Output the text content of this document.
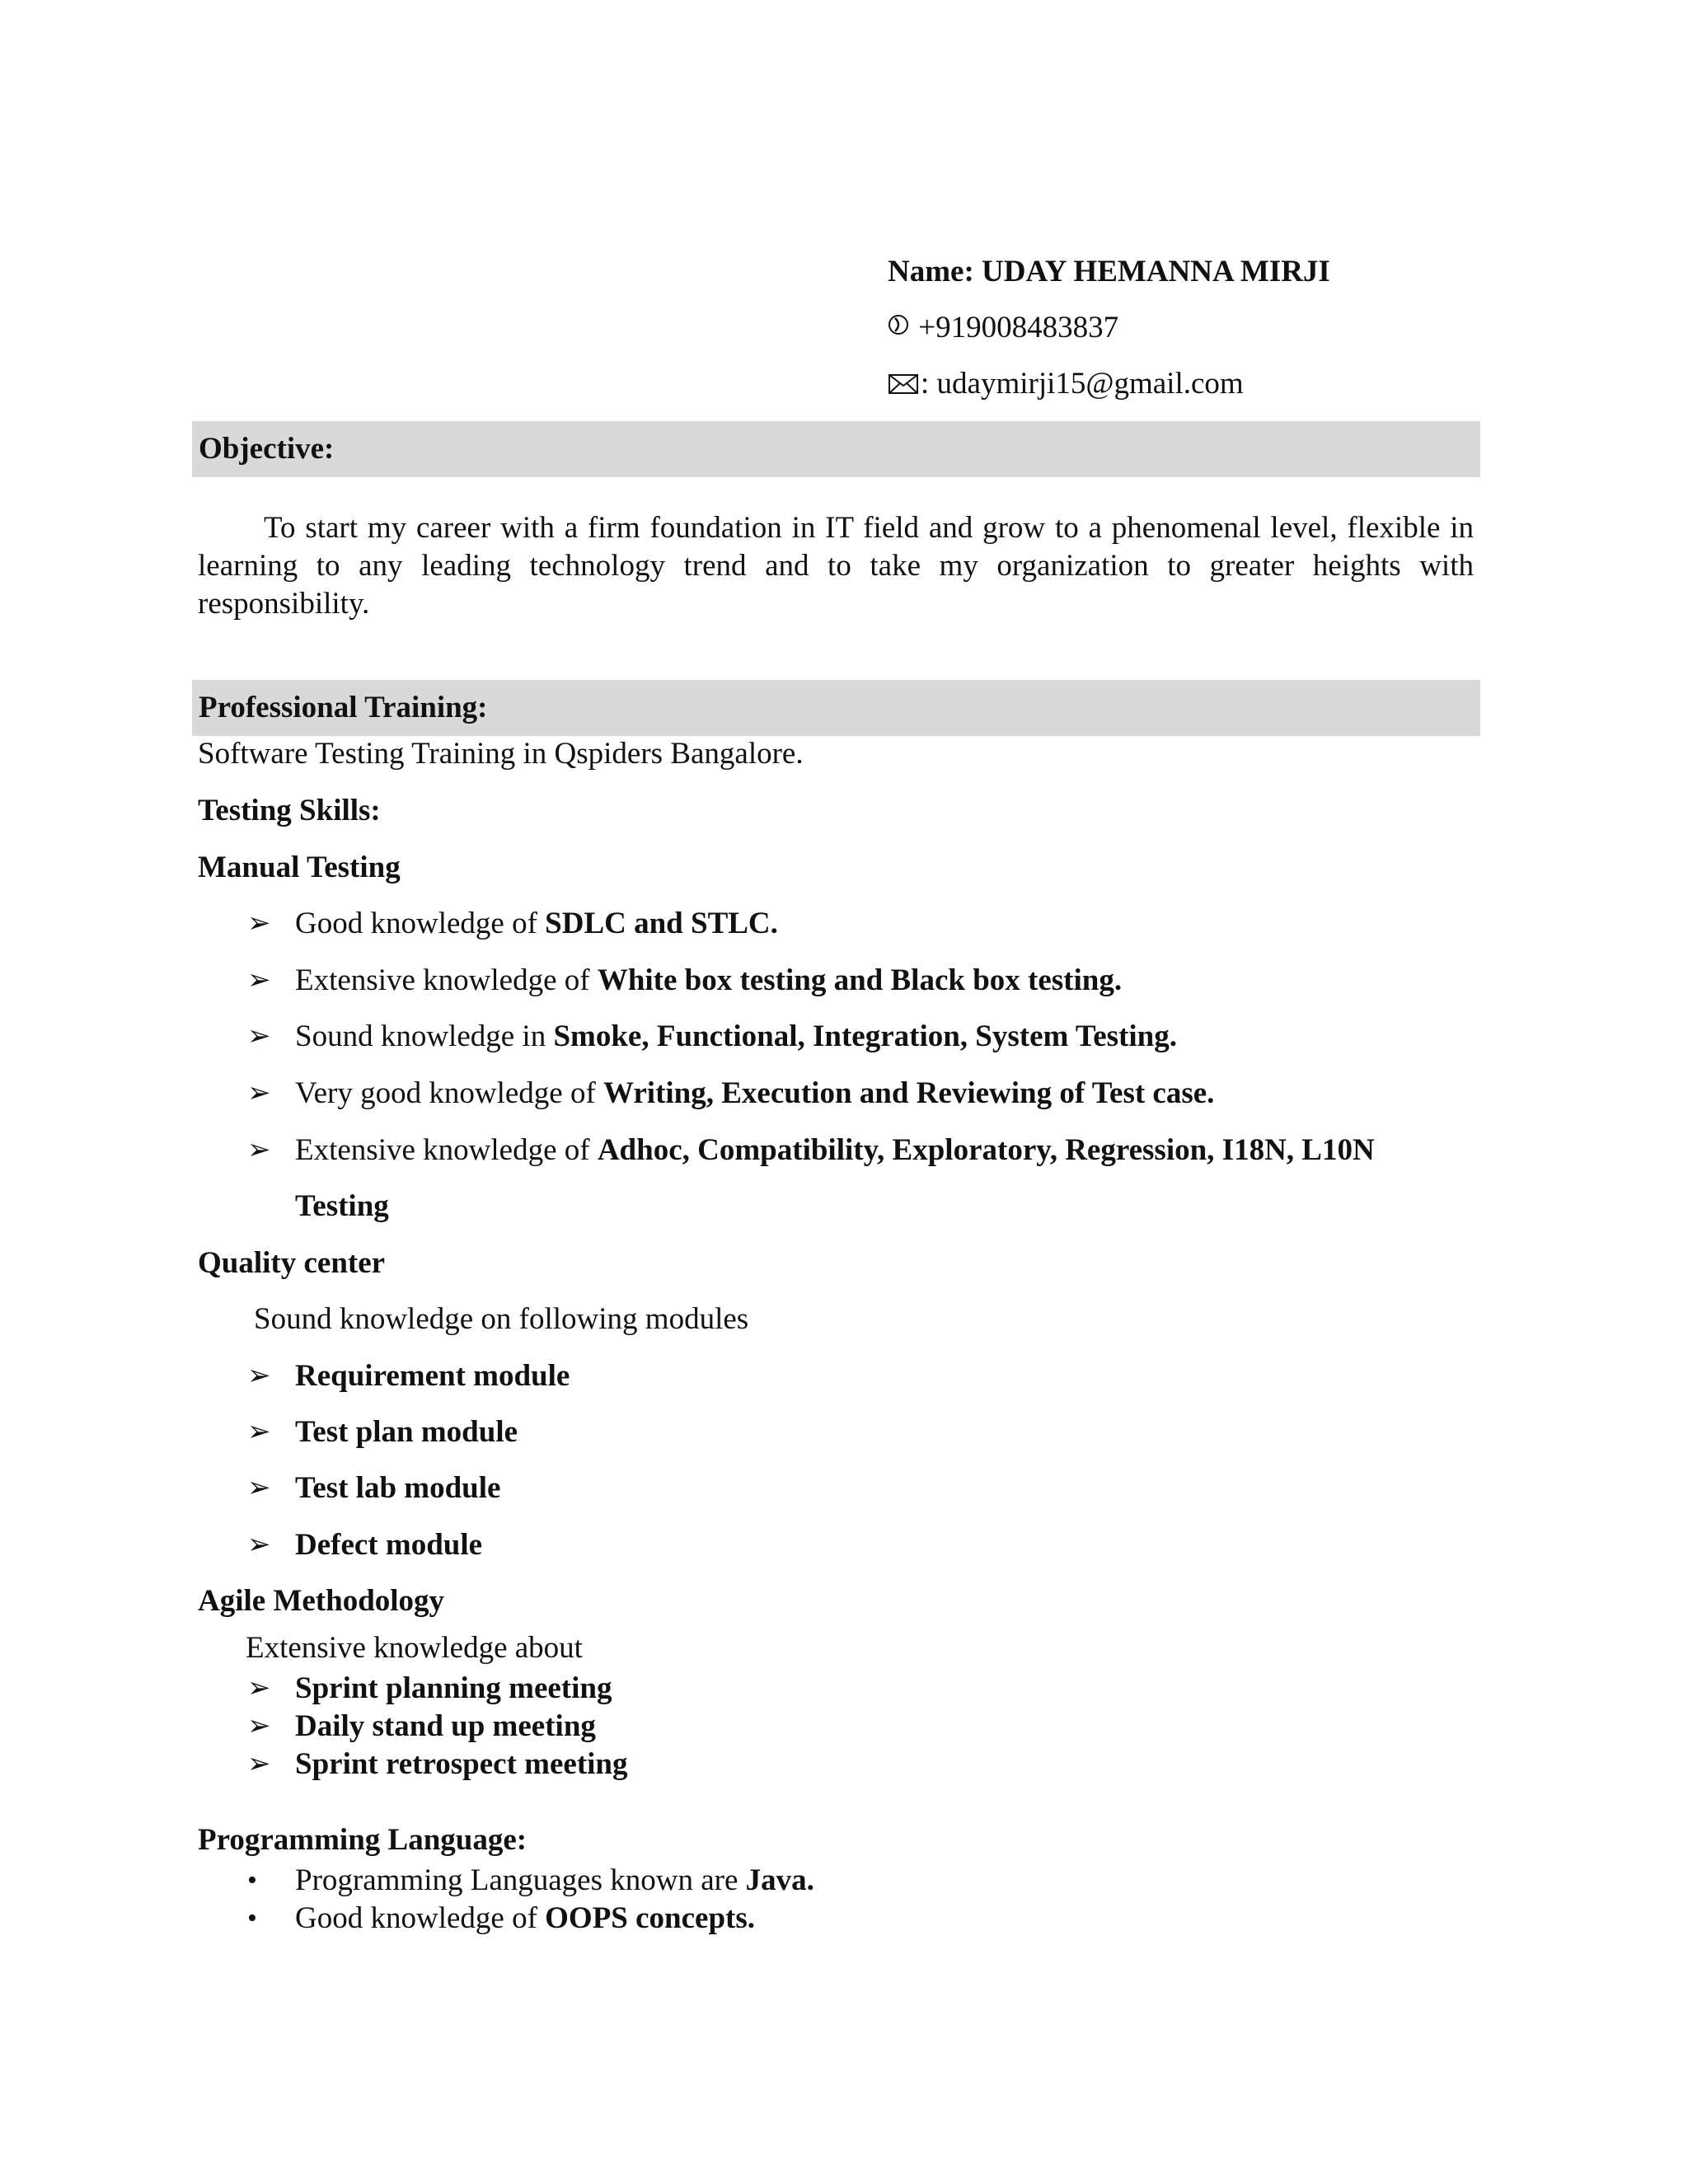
Name: UDAY HEMANNA MIRJI
+919008483837
: udaymirji15@gmail.com
Objective:

To start my career with a firm foundation in IT field and grow to a phenomenal level, flexible in learning to any leading technology trend and to take my organization to greater heights with responsibility.

Professional Training:
Software Testing Training in Qspiders Bangalore.
Testing Skills:
Manual Testing
➢ Good knowledge of SDLC and STLC.
➢ Extensive knowledge of White box testing and Black box testing.
➢ Sound knowledge in Smoke, Functional, Integration, System Testing.
➢ Very good knowledge of Writing, Execution and Reviewing of Test case.
➢ Extensive knowledge of Adhoc, Compatibility, Exploratory, Regression, I18N, L10N
Testing
Quality center
Sound knowledge on following modules
➢ Requirement module
➢ Test plan module
➢ Test lab module
➢ Defect module
Agile Methodology
Extensive knowledge about
➢ Sprint planning meeting
➢ Daily stand up meeting
➢ Sprint retrospect meeting
Programming Language:
• Programming Languages known are Java.
• Good knowledge of OOPS concepts.
